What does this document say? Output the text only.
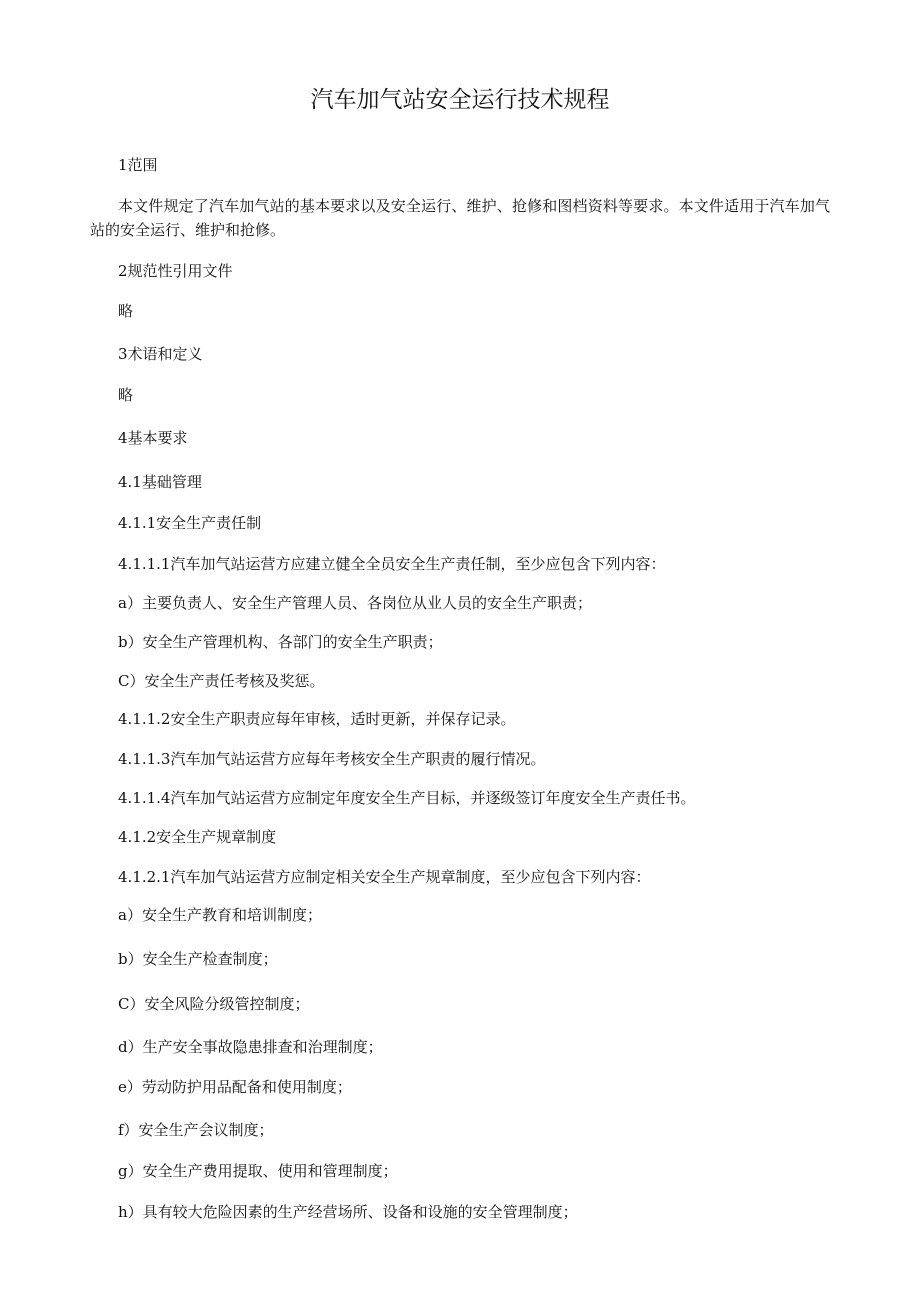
汽车加气站安全运行技术规程
1范围
本文件规定了汽车加气站的基本要求以及安全运行、维护、抢修和图档资料等要求。本文件适用于汽车加气站的安全运行、维护和抢修。
2规范性引用文件
略
3术语和定义
略
4基本要求
4.1基础管理
4.1.1安全生产责任制
4.1.1.1汽车加气站运营方应建立健全全员安全生产责任制，至少应包含下列内容：
a）主要负责人、安全生产管理人员、各岗位从业人员的安全生产职责；
b）安全生产管理机构、各部门的安全生产职责；
C）安全生产责任考核及奖惩。
4.1.1.2安全生产职责应每年审核，适时更新，并保存记录。
4.1.1.3汽车加气站运营方应每年考核安全生产职责的履行情况。
4.1.1.4汽车加气站运营方应制定年度安全生产目标，并逐级签订年度安全生产责任书。
4.1.2安全生产规章制度
4.1.2.1汽车加气站运营方应制定相关安全生产规章制度，至少应包含下列内容：
a）安全生产教育和培训制度；
b）安全生产检查制度；
C）安全风险分级管控制度；
d）生产安全事故隐患排查和治理制度；
e）劳动防护用品配备和使用制度；
f）安全生产会议制度；
g）安全生产费用提取、使用和管理制度；
h）具有较大危险因素的生产经营场所、设备和设施的安全管理制度；
